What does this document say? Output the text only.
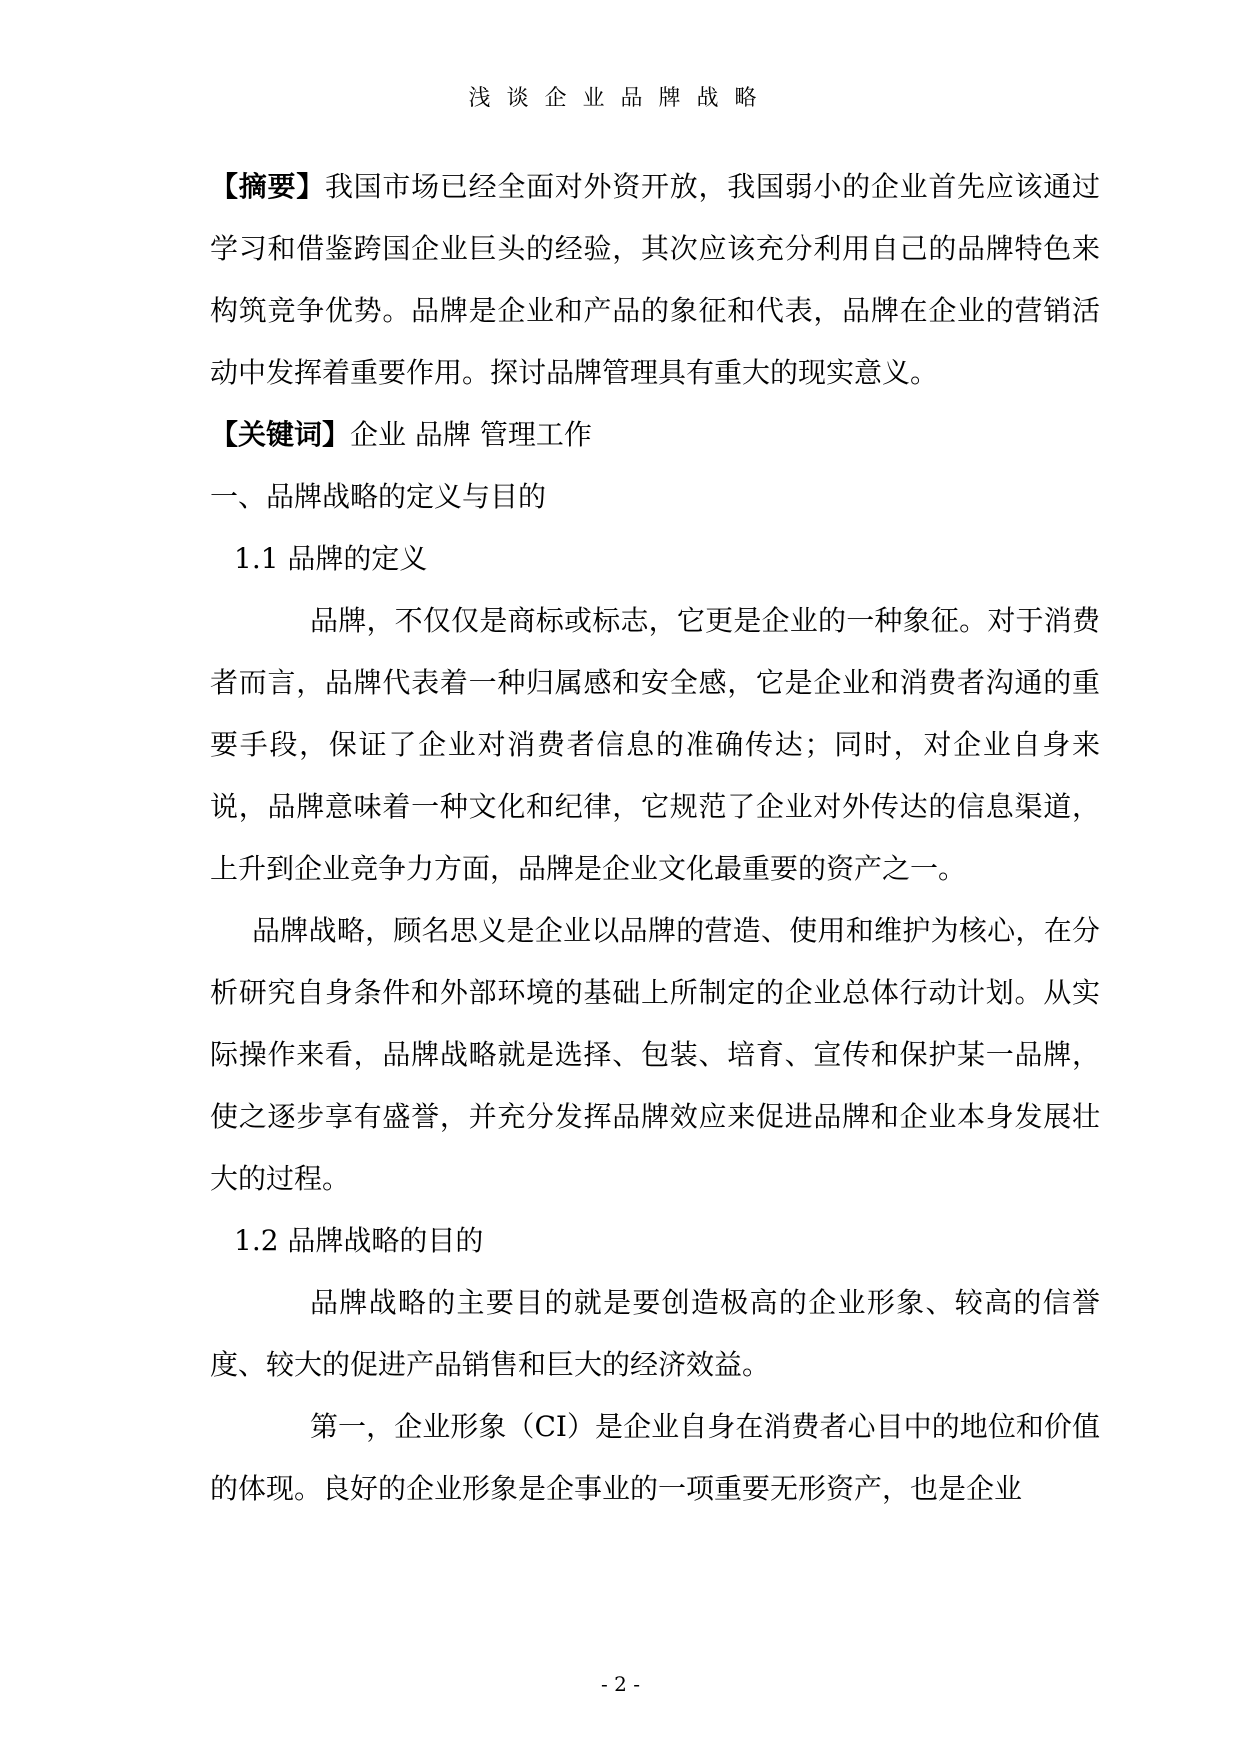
浅谈企业品牌战略

【摘要】我国市场已经全面对外资开放，我国弱小的企业首先应该通过学习和借鉴跨国企业巨头的经验，其次应该充分利用自己的品牌特色来构筑竞争优势。品牌是企业和产品的象征和代表，品牌在企业的营销活动中发挥着重要作用。探讨品牌管理具有重大的现实意义。

【关键词】企业 品牌 管理工作

一、品牌战略的定义与目的

1.1 品牌的定义

品牌，不仅仅是商标或标志，它更是企业的一种象征。对于消费者而言，品牌代表着一种归属感和安全感，它是企业和消费者沟通的重要手段，保证了企业对消费者信息的准确传达；同时，对企业自身来说，品牌意味着一种文化和纪律，它规范了企业对外传达的信息渠道，上升到企业竞争力方面，品牌是企业文化最重要的资产之一。

品牌战略，顾名思义是企业以品牌的营造、使用和维护为核心，在分析研究自身条件和外部环境的基础上所制定的企业总体行动计划。从实际操作来看，品牌战略就是选择、包装、培育、宣传和保护某一品牌，使之逐步享有盛誉，并充分发挥品牌效应来促进品牌和企业本身发展壮大的过程。

1.2 品牌战略的目的

品牌战略的主要目的就是要创造极高的企业形象、较高的信誉度、较大的促进产品销售和巨大的经济效益。

第一，企业形象（CI）是企业自身在消费者心目中的地位和价值的体现。良好的企业形象是企事业的一项重要无形资产，也是企业

- 2 -
